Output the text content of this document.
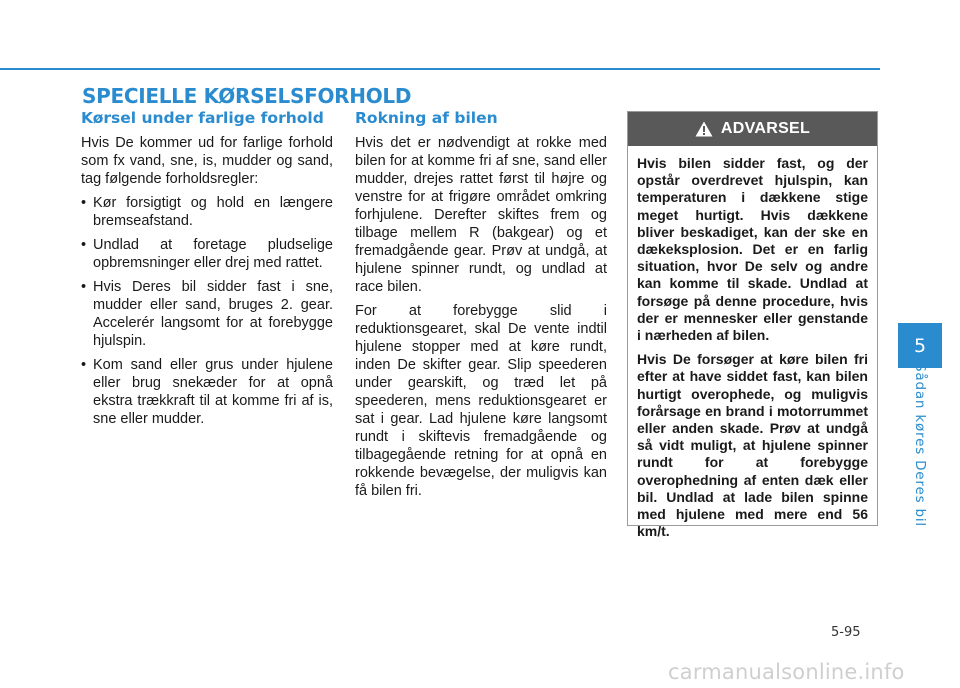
SPECIELLE KØRSELSFORHOLD
Kørsel under farlige forhold

Hvis De kommer ud for farlige forhold som fx vand, sne, is, mudder og sand, tag følgende forholdsregler:

• Kør forsigtigt og hold en længere bremseafstand.
• Undlad at foretage pludselige opbremsninger eller drej med rattet.
• Hvis Deres bil sidder fast i sne, mudder eller sand, bruges 2. gear. Accelerér langsomt for at forebygge hjulspin.
• Kom sand eller grus under hjulene eller brug snekæder for at opnå ekstra trækkraft til at komme fri af is, sne eller mudder.
Rokning af bilen

Hvis det er nødvendigt at rokke med bilen for at komme fri af sne, sand eller mudder, drejes rattet først til højre og venstre for at frigøre området omkring forhjulene. Derefter skiftes frem og tilbage mellem R (bakgear) og et fremadgående gear. Prøv at undgå, at hjulene spinner rundt, og undlad at race bilen.

For at forebygge slid i reduktionsgearet, skal De vente indtil hjulene stopper med at køre rundt, inden De skifter gear. Slip speederen under gearskift, og træd let på speederen, mens reduktionsgearet er sat i gear. Lad hjulene køre langsomt rundt i skiftevis fremadgående og tilbagegående retning for at opnå en rokkende bevægelse, der muligvis kan få bilen fri.

ADVARSEL

Hvis bilen sidder fast, og der opstår overdrevet hjulspin, kan temperaturen i dækkene stige meget hurtigt. Hvis dækkene bliver beskadiget, kan der ske en dækeksplosion. Det er en farlig situation, hvor De selv og andre kan komme til skade. Undlad at forsøge på denne procedure, hvis der er mennesker eller genstande i nærheden af bilen.

Hvis De forsøger at køre bilen fri efter at have siddet fast, kan bilen hurtigt overophede, og muligvis forårsage en brand i motorrummet eller anden skade. Prøv at undgå så vidt muligt, at hjulene spinner rundt for at forebygge overophedning af enten dæk eller bil. Undlad at lade bilen spinne med hjulene med mere end 56 km/t.

5
Sådan køres Deres bil
5-95
carmanualsonline.info
